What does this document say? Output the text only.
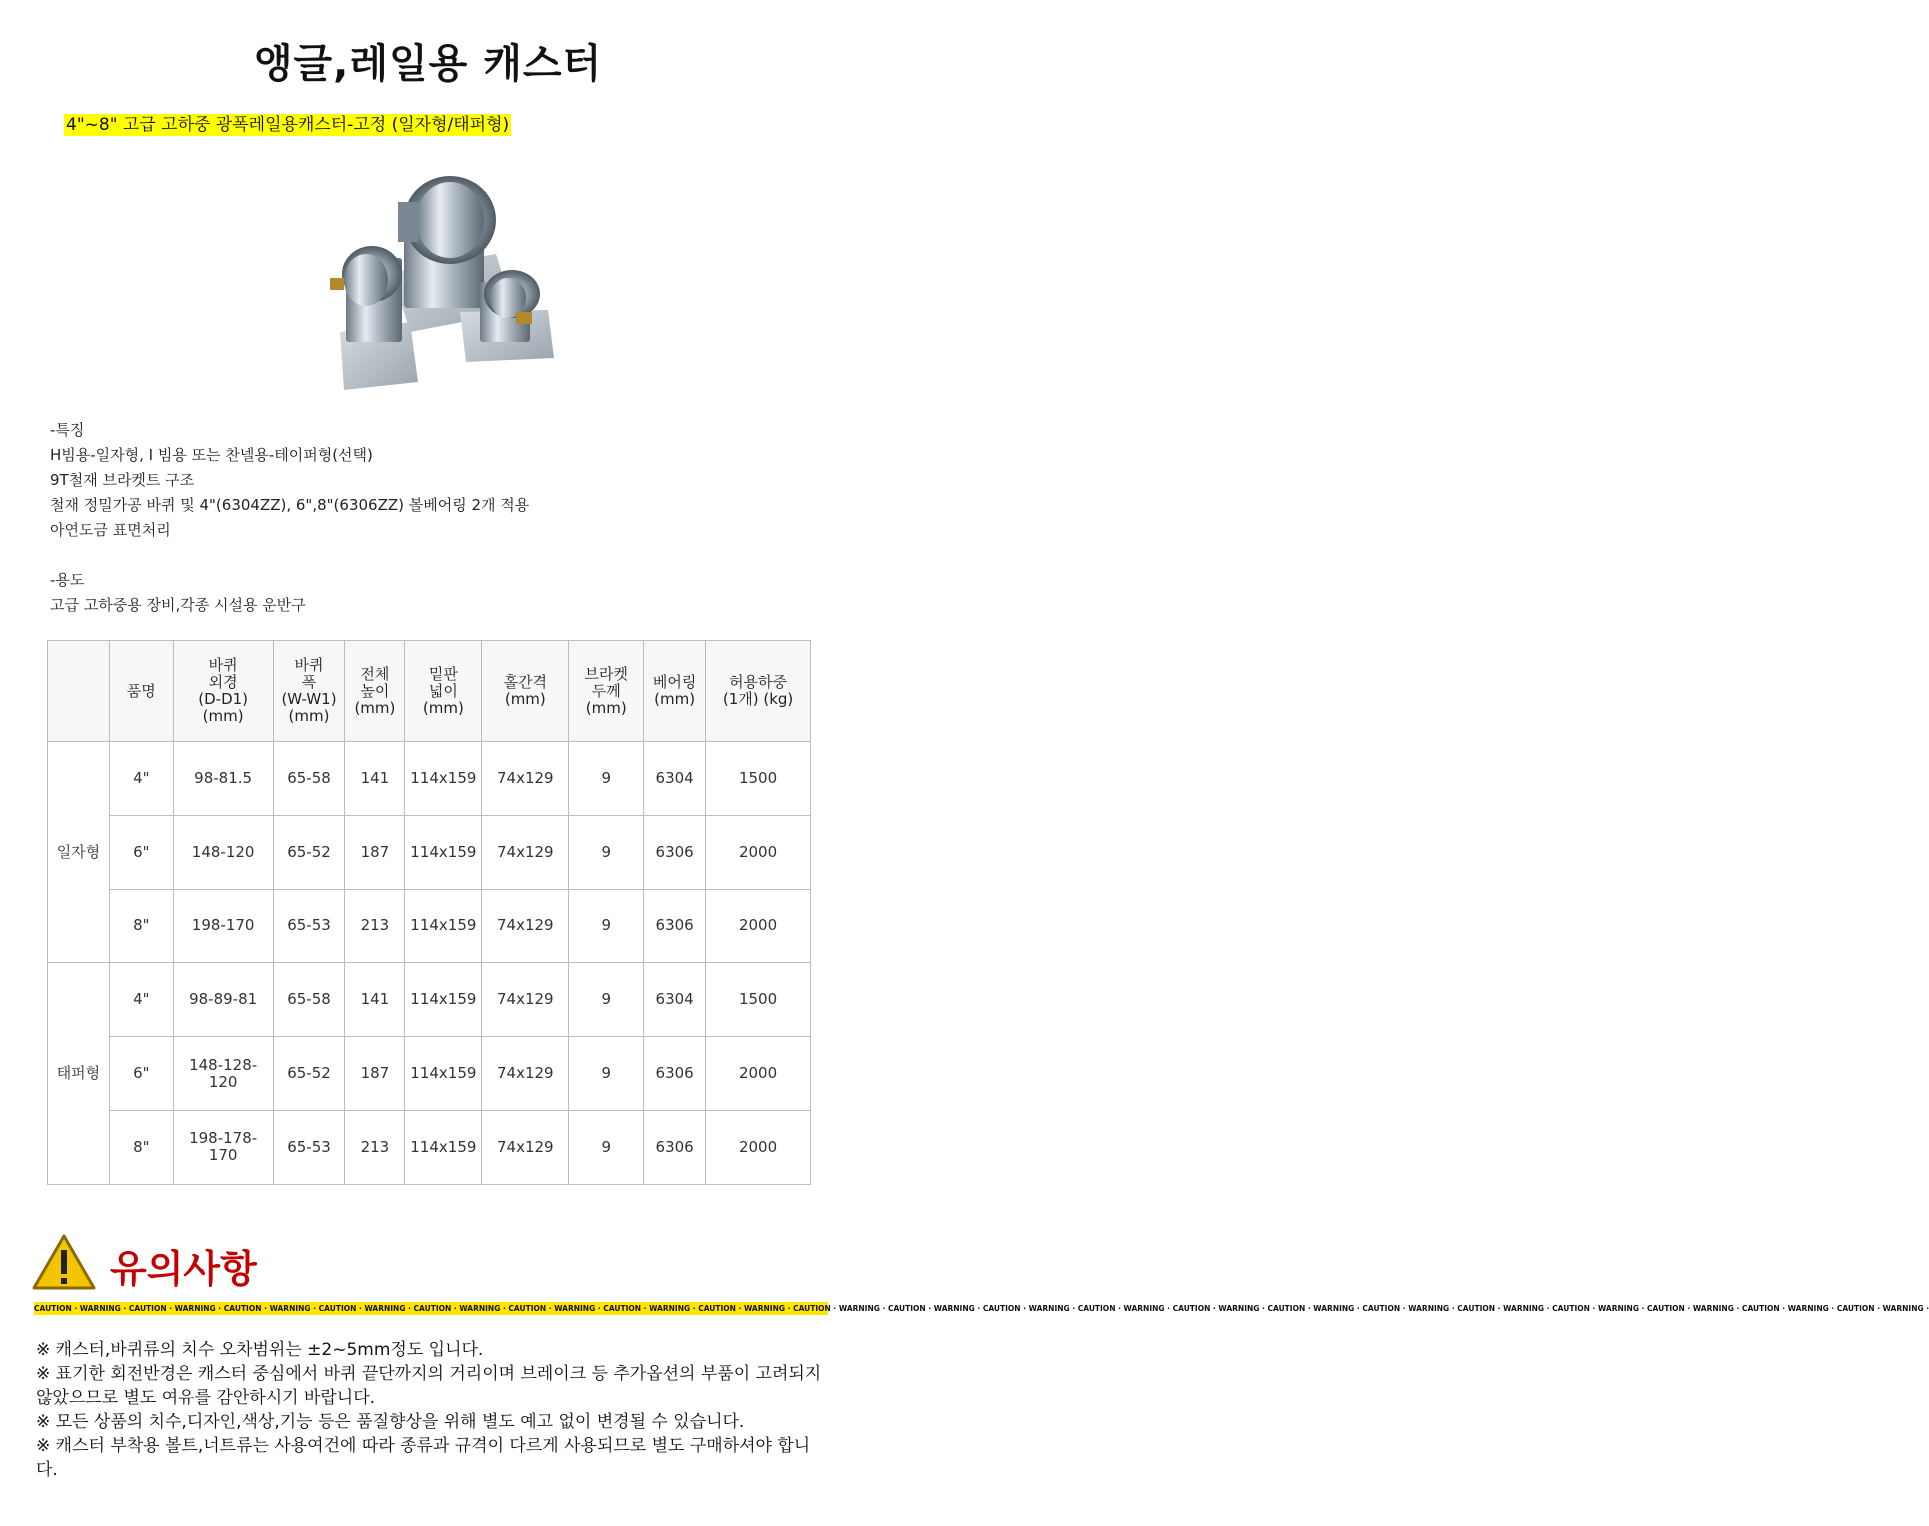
앵글,레일용 캐스터
4"~8" 고급 고하중 광폭레일용캐스터-고정 (일자형/태퍼형)
-특징
H빔용-일자형, I 빔용 또는 찬넬용-테이퍼형(선택)
9T철재 브라켓트 구조
철재 정밀가공 바퀴 및 4"(6304ZZ), 6",8"(6306ZZ) 볼베어링 2개 적용
아연도금 표면처리
-용도
고급 고하중용 장비,각종 시설용 운반구
	품명	바퀴
외경
(D-D1)
(mm)	바퀴
폭
(W-W1)
(mm)	전체
높이
(mm)	밑판
넓이
(mm)	홀간격
(mm)	브라켓
두께
(mm)	베어링
(mm)	허용하중
(1개) (kg)
일자형	4"	98-81.5	65-58	141	114x159	74x129	9	6304	1500
	6"	148-120	65-52	187	114x159	74x129	9	6306	2000
	8"	198-170	65-53	213	114x159	74x129	9	6306	2000
태퍼형	4"	98-89-81	65-58	141	114x159	74x129	9	6304	1500
	6"	148-128-
120	65-52	187	114x159	74x129	9	6306	2000
	8"	198-178-
170	65-53	213	114x159	74x129	9	6306	2000
유의사항
CAUTION · WARNING · CAUTION · WARNING · CAUTION · WARNING · CAUTION · WARNING · CAUTION · WARNING · CAUTION · WARNING · CAUTION · WARNING · CAUTION · WARNING · CAUTION · WARNING · CAUTION · WARNING · CAUTION · WARNING · CAUTION · WARNING · CAUTION · WARNING · CAUTION · WARNING · CAUTION · WARNING · CAUTION · WARNING · CAUTION · WARNING · CAUTION · WARNING · CAUTION · WARNING · CAUTION · WARNING ·

※ 캐스터,바퀴류의 치수 오차범위는 ±2~5mm정도 입니다.

※ 표기한 회전반경은 캐스터 중심에서 바퀴 끝단까지의 거리이며 브레이크 등 추가옵션의 부품이 고려되지 않았으므로 별도 여유를 감안하시기 바랍니다.

※ 모든 상품의 치수,디자인,색상,기능 등은 품질향상을 위해 별도 예고 없이 변경될 수 있습니다.

※ 캐스터 부착용 볼트,너트류는 사용여건에 따라 종류과 규격이 다르게 사용되므로 별도 구매하셔야 합니다.
